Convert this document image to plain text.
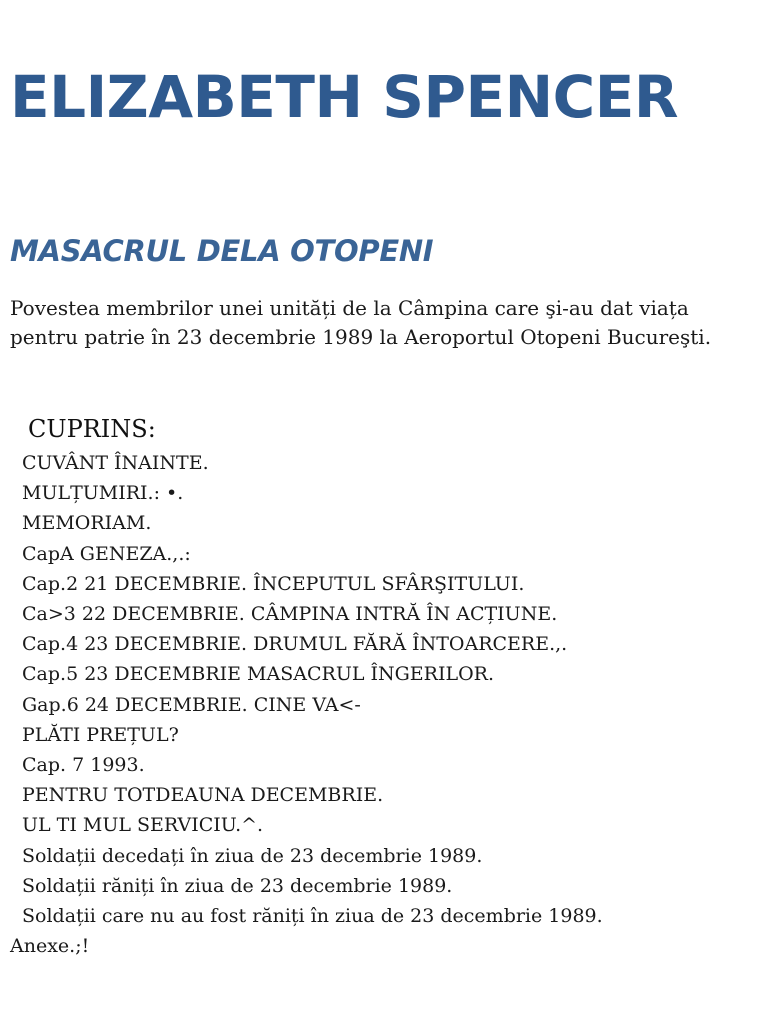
ELIZABETH SPENCER
MASACRUL DELA OTOPENI

Povestea membrilor unei unități de la Câmpina care şi-au dat viața pentru patrie în 23 decembrie 1989 la Aeroportul Otopeni Bucureşti.

CUPRINS:
CUVÂNT ÎNAINTE.
MULȚUMIRI.: •.
MEMORIAM.
CapA GENEZA.,.:
Cap.2 21 DECEMBRIE. ÎNCEPUTUL SFÂRŞITULUI.
Ca>3 22 DECEMBRIE. CÂMPINA INTRĂ ÎN ACȚIUNE.
Cap.4 23 DECEMBRIE. DRUMUL FĂRĂ ÎNTOARCERE.,.
Cap.5 23 DECEMBRIE MASACRUL ÎNGERILOR.
Gap.6 24 DECEMBRIE. CINE VA<-
PLĂTI PREȚUL?
Cap. 7 1993.
PENTRU TOTDEAUNA DECEMBRIE.
UL TI MUL SERVICIU.^.
Soldații decedați în ziua de 23 decembrie 1989.
Soldații răniți în ziua de 23 decembrie 1989.
Soldații care nu au fost răniți în ziua de 23 decembrie 1989.
Anexe.;!
